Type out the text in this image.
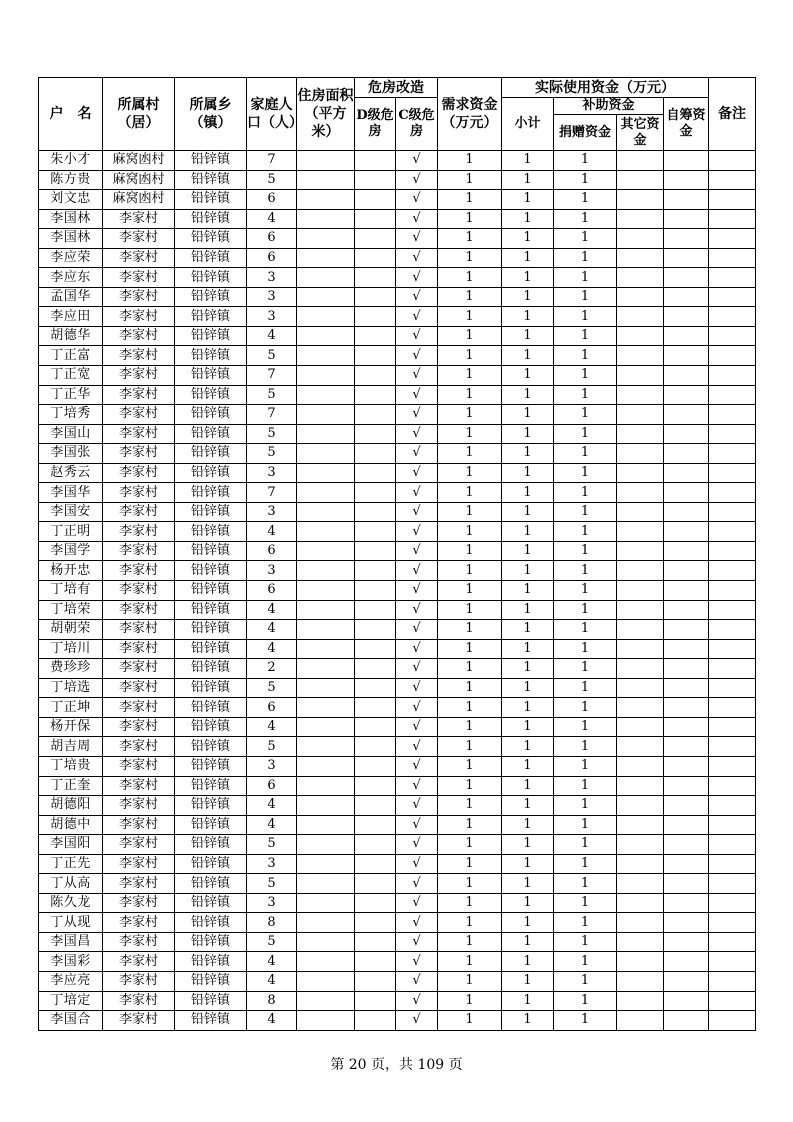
户　名	所属村（居）	所属乡（镇）	家庭人口（人）	住房面积（平方米）	危房改造		需求资金（万元）	实际使用资金（万元）				备注

					D级危房	C级危房		小计	补助资金		自筹资金	

									捐赠资金	其它资金		

朱小才	麻窝凼村	铅锌镇	7			√	1	1	1			
陈方贵	麻窝凼村	铅锌镇	5			√	1	1	1			
刘文忠	麻窝凼村	铅锌镇	6			√	1	1	1			
李国林	李家村	铅锌镇	4			√	1	1	1			
李国林	李家村	铅锌镇	6			√	1	1	1			
李应荣	李家村	铅锌镇	6			√	1	1	1			
李应东	李家村	铅锌镇	3			√	1	1	1			
孟国华	李家村	铅锌镇	3			√	1	1	1			
李应田	李家村	铅锌镇	3			√	1	1	1			
胡德华	李家村	铅锌镇	4			√	1	1	1			
丁正富	李家村	铅锌镇	5			√	1	1	1			
丁正宽	李家村	铅锌镇	7			√	1	1	1			
丁正华	李家村	铅锌镇	5			√	1	1	1			
丁培秀	李家村	铅锌镇	7			√	1	1	1			
李国山	李家村	铅锌镇	5			√	1	1	1			
李国张	李家村	铅锌镇	5			√	1	1	1			
赵秀云	李家村	铅锌镇	3			√	1	1	1			
李国华	李家村	铅锌镇	7			√	1	1	1			
李国安	李家村	铅锌镇	3			√	1	1	1			
丁正明	李家村	铅锌镇	4			√	1	1	1			
李国学	李家村	铅锌镇	6			√	1	1	1			
杨开忠	李家村	铅锌镇	3			√	1	1	1			
丁培有	李家村	铅锌镇	6			√	1	1	1			
丁培荣	李家村	铅锌镇	4			√	1	1	1			
胡朝荣	李家村	铅锌镇	4			√	1	1	1			
丁培川	李家村	铅锌镇	4			√	1	1	1			
费珍珍	李家村	铅锌镇	2			√	1	1	1			
丁培选	李家村	铅锌镇	5			√	1	1	1			
丁正坤	李家村	铅锌镇	6			√	1	1	1			
杨开保	李家村	铅锌镇	4			√	1	1	1			
胡吉周	李家村	铅锌镇	5			√	1	1	1			
丁培贵	李家村	铅锌镇	3			√	1	1	1			
丁正奎	李家村	铅锌镇	6			√	1	1	1			
胡德阳	李家村	铅锌镇	4			√	1	1	1			
胡德中	李家村	铅锌镇	4			√	1	1	1			
李国阳	李家村	铅锌镇	5			√	1	1	1			
丁正先	李家村	铅锌镇	3			√	1	1	1			
丁从高	李家村	铅锌镇	5			√	1	1	1			
陈久龙	李家村	铅锌镇	3			√	1	1	1			
丁从现	李家村	铅锌镇	8			√	1	1	1			
李国昌	李家村	铅锌镇	5			√	1	1	1			
李国彩	李家村	铅锌镇	4			√	1	1	1			
李应亮	李家村	铅锌镇	4			√	1	1	1			
丁培定	李家村	铅锌镇	8			√	1	1	1			
李国合	李家村	铅锌镇	4			√	1	1	1			
第 20 页，共 109 页
